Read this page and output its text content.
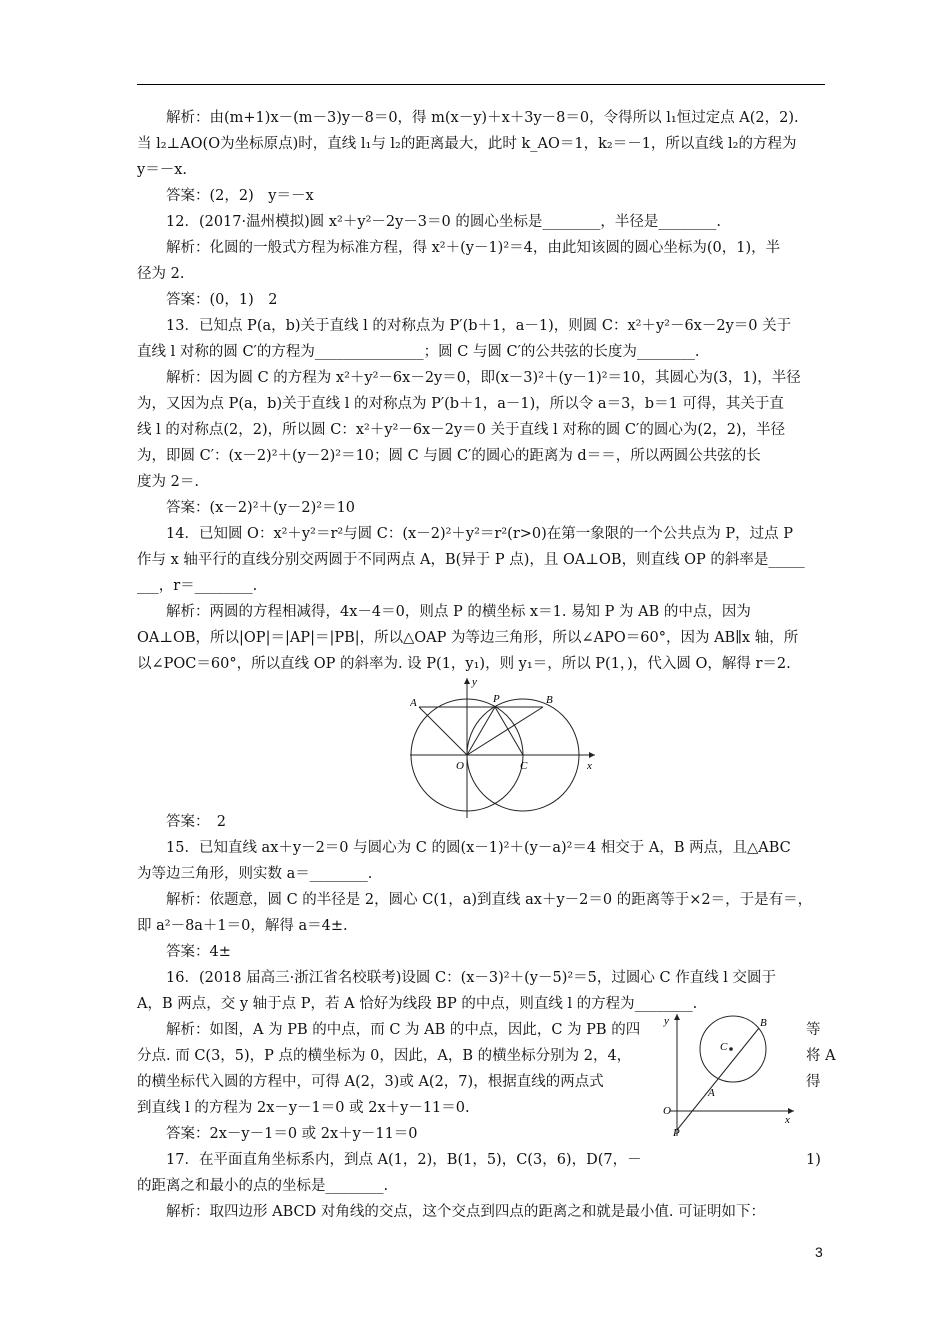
解析：由(m+1)x－(m－3)y－8＝0，得 m(x－y)＋x＋3y－8＝0，令得所以 l₁恒过定点 A(2，2).
当 l₂⊥AO(O为坐标原点)时，直线 l₁与 l₂的距离最大，此时 k_AO＝1，k₂＝－1，所以直线 l₂的方程为
y＝－x.
答案：(2，2)　y＝－x
12．(2017·温州模拟)圆 x²＋y²－2y－3＝0 的圆心坐标是________，半径是________.
解析：化圆的一般式方程为标准方程，得 x²＋(y－1)²＝4，由此知该圆的圆心坐标为(0，1)，半
径为 2.
答案：(0，1)　2
13．已知点 P(a，b)关于直线 l 的对称点为 P′(b＋1，a－1)，则圆 C：x²＋y²－6x－2y＝0 关于
直线 l 对称的圆 C′的方程为_______________；圆 C 与圆 C′的公共弦的长度为________.
解析：因为圆 C 的方程为 x²＋y²－6x－2y＝0，即(x－3)²＋(y－1)²＝10，其圆心为(3，1)，半径
为，又因为点 P(a，b)关于直线 l 的对称点为 P′(b＋1，a－1)，所以令 a＝3，b＝1 可得，其关于直
线 l 的对称点(2，2)，所以圆 C：x²＋y²－6x－2y＝0 关于直线 l 对称的圆 C′的圆心为(2，2)，半径
为，即圆 C′：(x－2)²＋(y－2)²＝10；圆 C 与圆 C′的圆心的距离为 d＝＝，所以两圆公共弦的长
度为 2＝.
答案：(x－2)²＋(y－2)²＝10
14．已知圆 O：x²＋y²＝r²与圆 C：(x－2)²＋y²＝r²(r>0)在第一象限的一个公共点为 P，过点 P
作与 x 轴平行的直线分别交两圆于不同两点 A，B(异于 P 点)，且 OA⊥OB，则直线 OP 的斜率是_____
___，r＝________.
解析：两圆的方程相减得，4x－4＝0，则点 P 的横坐标 x＝1. 易知 P 为 AB 的中点，因为
OA⊥OB，所以|OP|＝|AP|＝|PB|，所以△OAP 为等边三角形，所以∠APO＝60°，因为 AB∥x 轴，所
以∠POC＝60°，所以直线 OP 的斜率为. 设 P(1，y₁)，则 y₁＝，所以 P(1，)，代入圆 O，解得 r＝2.
答案：　2
15．已知直线 ax＋y－2＝0 与圆心为 C 的圆(x－1)²＋(y－a)²＝4 相交于 A，B 两点，且△ABC
为等边三角形，则实数 a＝________.
解析：依题意，圆 C 的半径是 2，圆心 C(1，a)到直线 ax＋y－2＝0 的距离等于×2＝，于是有＝，
即 a²－8a＋1＝0，解得 a＝4±.
答案：4±
16．(2018 届高三·浙江省名校联考)设圆 C：(x－3)²＋(y－5)²＝5，过圆心 C 作直线 l 交圆于
A，B 两点，交 y 轴于点 P，若 A 恰好为线段 BP 的中点，则直线 l 的方程为________.
解析：如图，A 为 PB 的中点，而 C 为 AB 的中点，因此，C 为 PB 的四	等
分点. 而 C(3，5)，P 点的横坐标为 0，因此，A，B 的横坐标分别为 2，4，	将 A
的横坐标代入圆的方程中，可得 A(2，3)或 A(2，7)，根据直线的两点式	得
到直线 l 的方程为 2x－y－1＝0 或 2x＋y－11＝0.
答案：2x－y－1＝0 或 2x＋y－11＝0
17．在平面直角坐标系内，到点 A(1，2)，B(1，5)，C(3，6)，D(7，－	1)
的距离之和最小的点的坐标是________.
解析：取四边形 ABCD 对角线的交点，这个交点到四点的距离之和就是最小值. 可证明如下：
y
x
A	P	B
O	C
y
x
B
C
A
O
P
3
